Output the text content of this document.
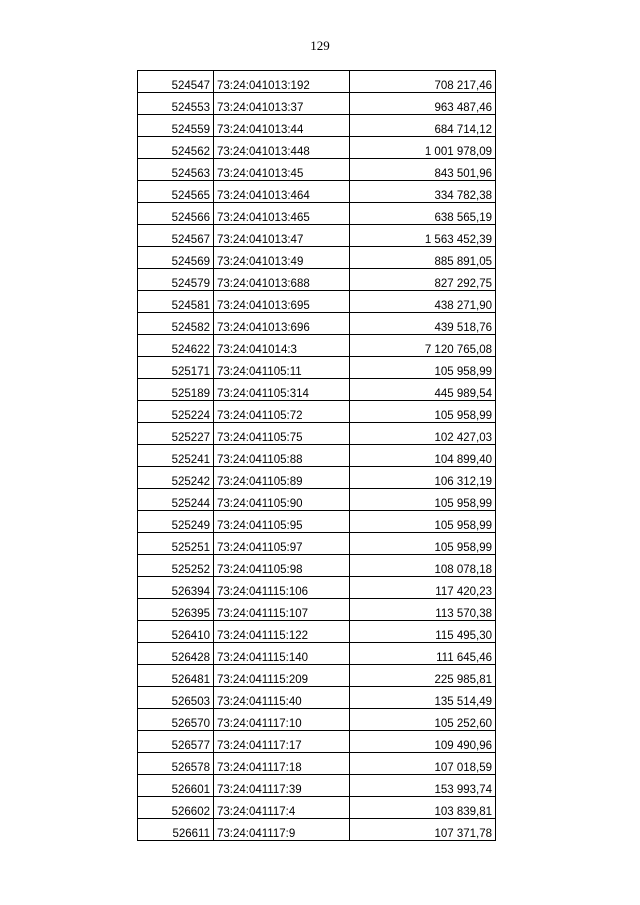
129
524547	73:24:041013:192	708 217,46
524553	73:24:041013:37	963 487,46
524559	73:24:041013:44	684 714,12
524562	73:24:041013:448	1 001 978,09
524563	73:24:041013:45	843 501,96
524565	73:24:041013:464	334 782,38
524566	73:24:041013:465	638 565,19
524567	73:24:041013:47	1 563 452,39
524569	73:24:041013:49	885 891,05
524579	73:24:041013:688	827 292,75
524581	73:24:041013:695	438 271,90
524582	73:24:041013:696	439 518,76
524622	73:24:041014:3	7 120 765,08
525171	73:24:041105:11	105 958,99
525189	73:24:041105:314	445 989,54
525224	73:24:041105:72	105 958,99
525227	73:24:041105:75	102 427,03
525241	73:24:041105:88	104 899,40
525242	73:24:041105:89	106 312,19
525244	73:24:041105:90	105 958,99
525249	73:24:041105:95	105 958,99
525251	73:24:041105:97	105 958,99
525252	73:24:041105:98	108 078,18
526394	73:24:041115:106	117 420,23
526395	73:24:041115:107	113 570,38
526410	73:24:041115:122	115 495,30
526428	73:24:041115:140	111 645,46
526481	73:24:041115:209	225 985,81
526503	73:24:041115:40	135 514,49
526570	73:24:041117:10	105 252,60
526577	73:24:041117:17	109 490,96
526578	73:24:041117:18	107 018,59
526601	73:24:041117:39	153 993,74
526602	73:24:041117:4	103 839,81
526611	73:24:041117:9	107 371,78
